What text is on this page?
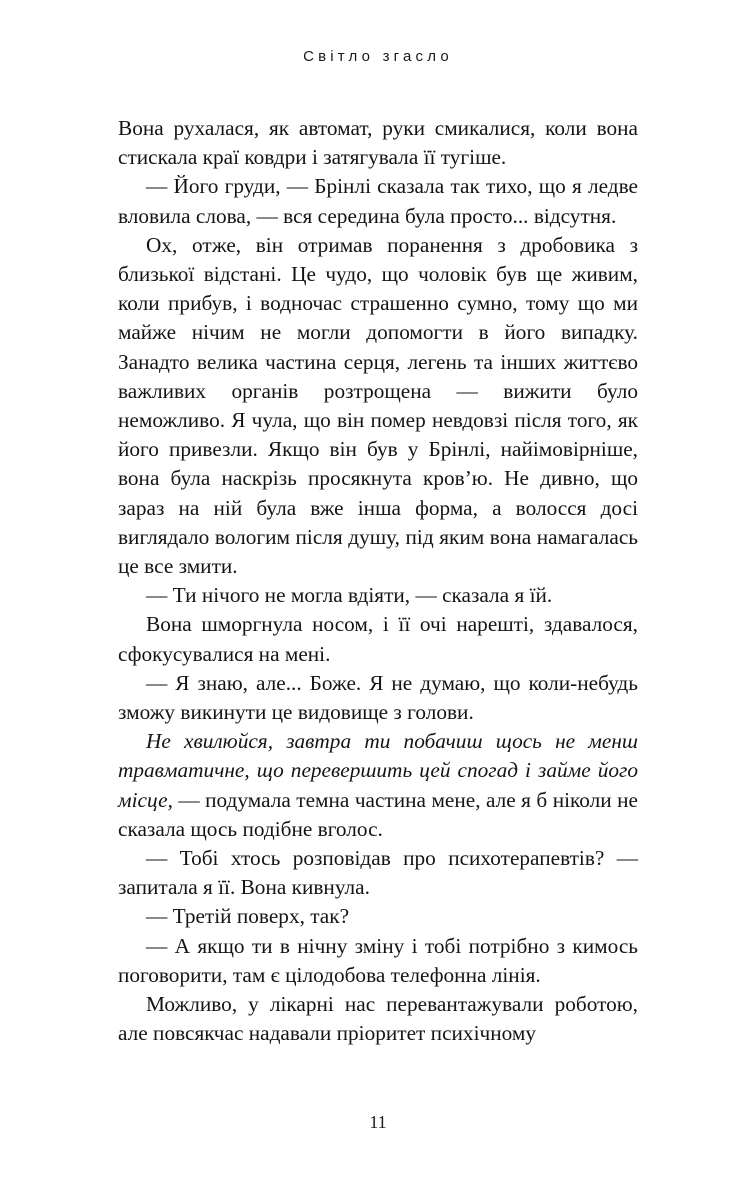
Світло згасло

Вона рухалася, як автомат, руки смикалися, коли вона стискала краї ковдри і затягувала її тугіше.

— Його груди, — Брінлі сказала так тихо, що я ледве вловила слова, — вся середина була просто... відсутня.

Ох, отже, він отримав поранення з дробовика з близької відстані. Це чудо, що чоловік був ще живим, коли прибув, і водночас страшенно сумно, тому що ми майже нічим не могли допомогти в його випадку. Занадто велика частина серця, легень та інших життєво важливих органів розтрощена — вижити було неможливо. Я чула, що він помер невдовзі після того, як його привезли. Якщо він був у Брінлі, найімовірніше, вона була наскрізь просякнута кров’ю. Не дивно, що зараз на ній була вже інша форма, а волосся досі виглядало вологим після душу, під яким вона намагалась це все змити.

— Ти нічого не могла вдіяти, — сказала я їй.

Вона шморгнула носом, і її очі нарешті, здавалося, сфокусувалися на мені.

— Я знаю, але... Боже. Я не думаю, що коли-небудь зможу викинути це видовище з голови.

Не хвилюйся, завтра ти побачиш щось не менш травматичне, що перевершить цей спогад і займе його місце, — подумала темна частина мене, але я б ніколи не сказала щось подібне вголос.

— Тобі хтось розповідав про психотерапевтів? — запитала я її. Вона кивнула.

— Третій поверх, так?

— А якщо ти в нічну зміну і тобі потрібно з кимось поговорити, там є цілодобова телефонна лінія.

Можливо, у лікарні нас перевантажували роботою, але повсякчас надавали пріоритет психічному

11
